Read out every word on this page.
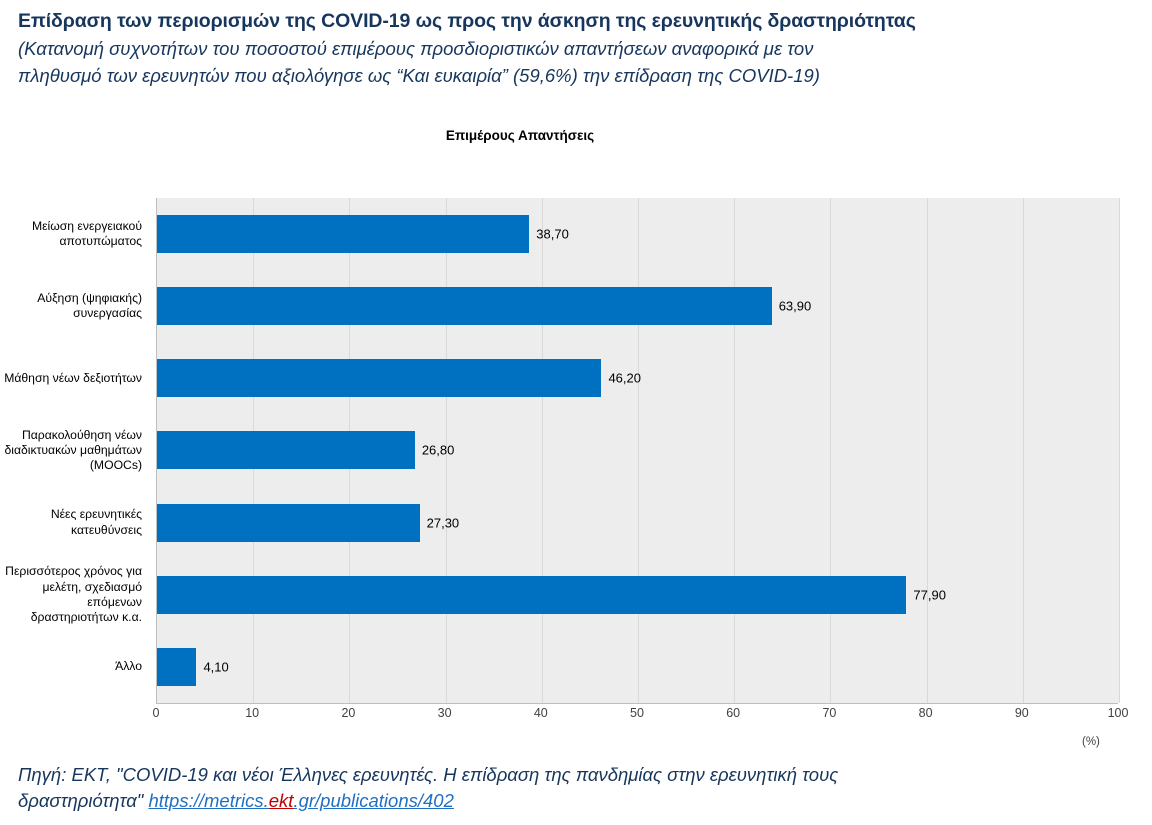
Επίδραση των περιορισμών της COVID-19 ως προς την άσκηση της ερευνητικής δραστηριότητας
(Κατανομή συχνοτήτων του ποσοστού επιμέρους προσδιοριστικών απαντήσεων αναφορικά με τον
πληθυσμό των ερευνητών που αξιολόγησε ως “Και ευκαιρία” (59,6%) την επίδραση της COVID-19)
Επιμέρους Απαντήσεις
Μείωση ενεργειακού
αποτυπώματος
Αύξηση (ψηφιακής)
συνεργασίας
Μάθηση νέων δεξιοτήτων
Παρακολούθηση νέων
διαδικτυακών μαθημάτων
(MOOCs)
Νέες ερευνητικές
κατευθύνσεις
Περισσότερος χρόνος για
μελέτη, σχεδιασμό
επόμενων
δραστηριοτήτων κ.α.
Άλλο
38,70
63,90
46,20
26,80
27,30
77,90
4,10
0	10	20	30	40	50	60	70	80	90	100
(%)
Πηγή: ΕΚΤ, "COVID-19 και νέοι Έλληνες ερευνητές. Η επίδραση της πανδημίας στην ερευνητική τους
δραστηριότητα" https://metrics.ekt.gr/publications/402
